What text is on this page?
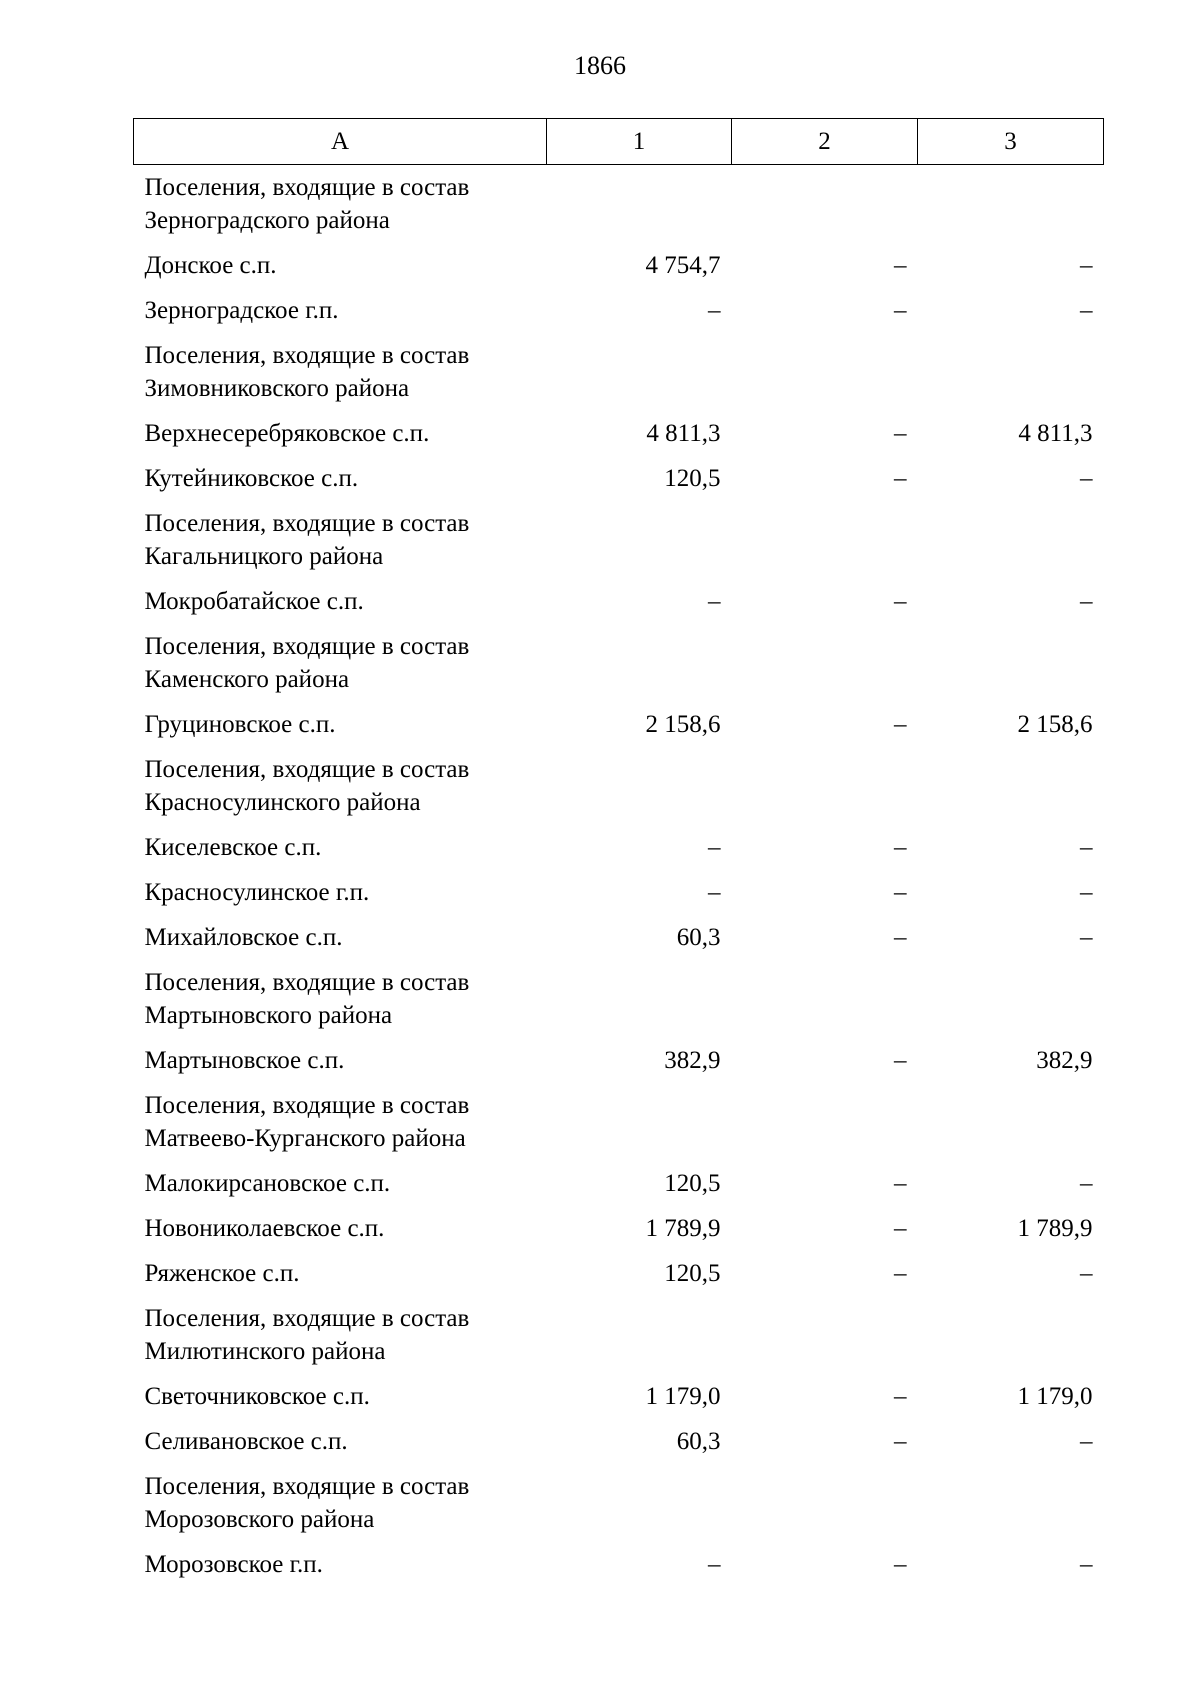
1866
А	1	2	3
Поселения, входящие в состав Зерноградского района			
Донское с.п.	4 754,7	–	–
Зерноградское г.п.	–	–	–
Поселения, входящие в состав Зимовниковского района			
Верхнесеребряковское с.п.	4 811,3	–	4 811,3
Кутейниковское с.п.	120,5	–	–
Поселения, входящие в состав Кагальницкого района			
Мокробатайское с.п.	–	–	–
Поселения, входящие в состав Каменского района			
Груциновское с.п.	2 158,6	–	2 158,6
Поселения, входящие в состав Красносулинского района			
Киселевское с.п.	–	–	–
Красносулинское г.п.	–	–	–
Михайловское с.п.	60,3	–	–
Поселения, входящие в состав Мартыновского района			
Мартыновское с.п.	382,9	–	382,9
Поселения, входящие в состав Матвеево-Курганского района			
Малокирсановское с.п.	120,5	–	–
Новониколаевское с.п.	1 789,9	–	1 789,9
Ряженское с.п.	120,5	–	–
Поселения, входящие в состав Милютинского района			
Светочниковское с.п.	1 179,0	–	1 179,0
Селивановское с.п.	60,3	–	–
Поселения, входящие в состав Морозовского района			
Морозовское г.п.	–	–	–
